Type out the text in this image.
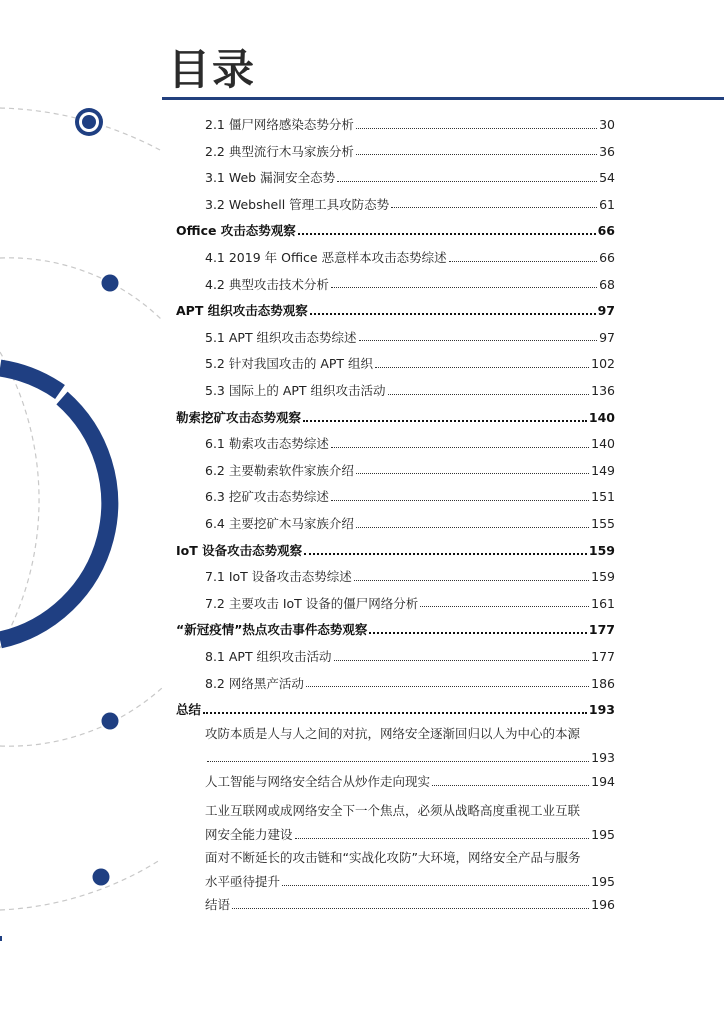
目录
2.1 僵尸网络感染态势分析	30
2.2 典型流行木马家族分析	36
3.1 Web 漏洞安全态势	54
3.2 Webshell 管理工具攻防态势	61
Office 攻击态势观察	66
4.1 2019 年 Office 恶意样本攻击态势综述	66
4.2 典型攻击技术分析	68
APT 组织攻击态势观察	97
5.1 APT 组织攻击态势综述	97
5.2 针对我国攻击的 APT 组织	102
5.3 国际上的 APT 组织攻击活动	136
勒索挖矿攻击态势观察	140
6.1 勒索攻击态势综述	140
6.2 主要勒索软件家族介绍	149
6.3 挖矿攻击态势综述	151
6.4 主要挖矿木马家族介绍	155
IoT 设备攻击态势观察	159
7.1 IoT 设备攻击态势综述	159
7.2 主要攻击 IoT 设备的僵尸网络分析	161
“新冠疫情”热点攻击事件态势观察	177
8.1 APT 组织攻击活动	177
8.2 网络黑产活动	186
总结	193
攻防本质是人与人之间的对抗，网络安全逐渐回归以人为中心的本源
193
人工智能与网络安全结合从炒作走向现实	194
工业互联网或成网络安全下一个焦点，必须从战略高度重视工业互联
网安全能力建设	195
面对不断延长的攻击链和“实战化攻防”大环境，网络安全产品与服务
水平亟待提升	195
结语	196
